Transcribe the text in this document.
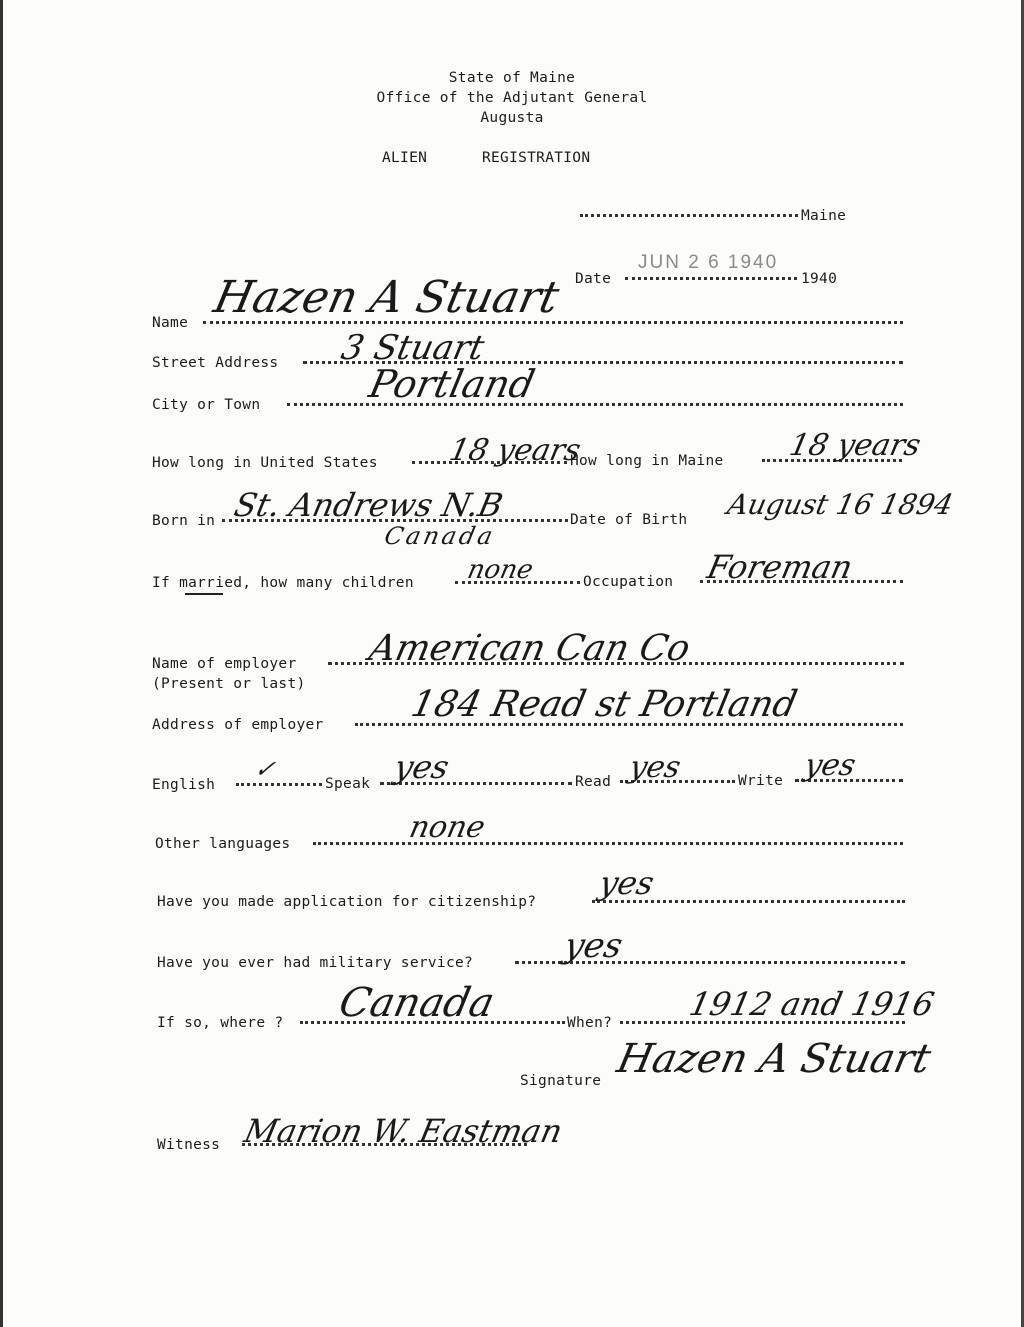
State of Maine
Office of the Adjutant General
Augusta
ALIEN	REGISTRATION
Maine
JUN 2 6 1940
Date	1940
Name Hazen A Stuart
Street Address 3 Stuart
City or Town	Portland
How long in United States 18 years
How long in Maine 18 years
Born in St. Andrews N.B
Canada
Date of Birth August 16 1894
If married, how many children none	Occupation Foreman
Name of employer
(Present or last)
American Can Co
Address of employer 184 Read st Portland
English
✓
Speak yes	Read yes	Write yes
Other languages	none
Have you made application for citizenship? yes
Have you ever had military service?	yes
If so, where ? Canada	When? 1912 and 1916
Signature Hazen A Stuart
Witness Marion W. Eastman
